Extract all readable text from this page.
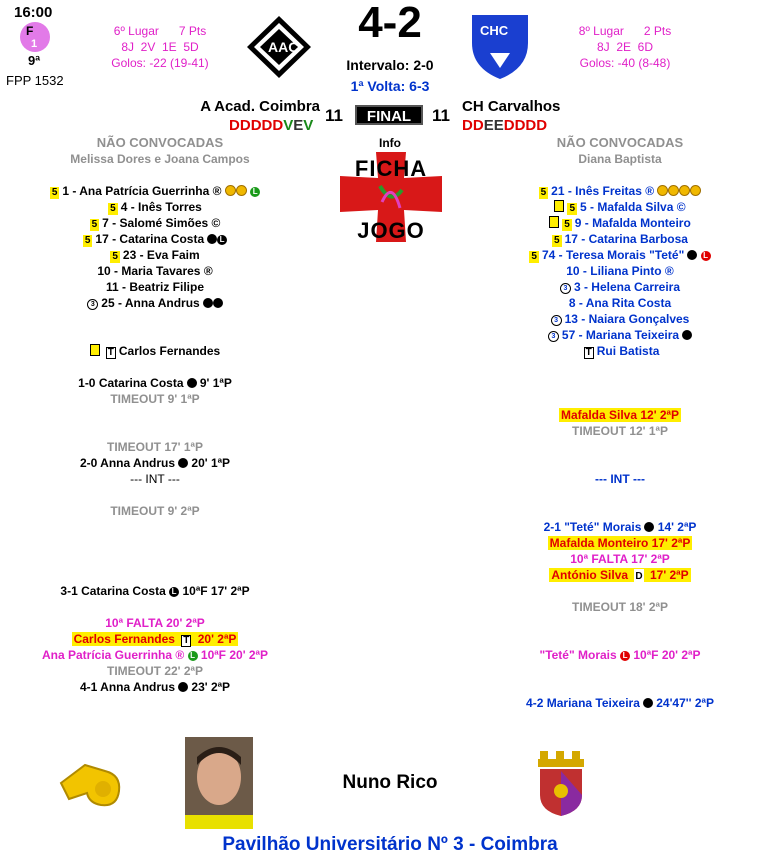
16:00
F
1
9ª
FPP 1532
6º Lugar      7 Pts
8J  2V  1E  5D
Golos: -22 (19-41)
AAC	4-2
Intervalo: 2-0
1ª Volta: 6-3
CHC	8º Lugar      2 Pts
8J  2E  6D
Golos: -40 (8-48)
A Acad. Coimbra 11	FINAL	11 CH Carvalhos
DDDDDVEV	DDEEDDDD
Info
FICHA
JOGO
NÃO CONVOCADAS
Melissa Dores e Joana Campos
NÃO CONVOCADAS
Diana Baptista
5 1 - Ana Patrícia Guerrinha ®	L
5 4 - Inês Torres
5 7 - Salomé Simões ©
5 17 - Catarina Costa L
5 23 - Eva Faim
10 - Maria Tavares ®
11 - Beatriz Filipe
3 25 - Anna Andrus
5 21 - Inês Freitas ®
5 5 - Mafalda Silva ©
5 9 - Mafalda Monteiro
5 17 - Catarina Barbosa
5 74 - Teresa Morais "Teté" L
10 - Liliana Pinto ®
3 3 - Helena Carreira
8 - Ana Rita Costa
3 13 - Naiara Gonçalves
3 57 - Mariana Teixeira
T Carlos Fernandes	T Rui Batista
1-0 Catarina Costa 9' 1ªP
TIMEOUT 9' 1ªP
TIMEOUT 17' 1ªP
2-0 Anna Andrus 20' 1ªP
--- INT ---
TIMEOUT 9' 2ªP
3-1 Catarina Costa L 10ªF 17' 2ªP
10ª FALTA 20' 2ªP
Carlos Fernandes T 20' 2ªP
Ana Patrícia Guerrinha ® L 10ªF 20' 2ªP
TIMEOUT 22' 2ªP
4-1 Anna Andrus 23' 2ªP
Mafalda Silva 12' 2ªP
TIMEOUT 12' 1ªP
--- INT ---
2-1 "Teté" Morais 14' 2ªP
Mafalda Monteiro 17' 2ªP
10ª FALTA 17' 2ªP
António Silva D 17' 2ªP
TIMEOUT 18' 2ªP
"Teté" Morais L 10ªF 20' 2ªP
4-2 Mariana Teixeira 24'47'' 2ªP
Nuno Rico
Pavilhão Universitário Nº 3 - Coimbra
